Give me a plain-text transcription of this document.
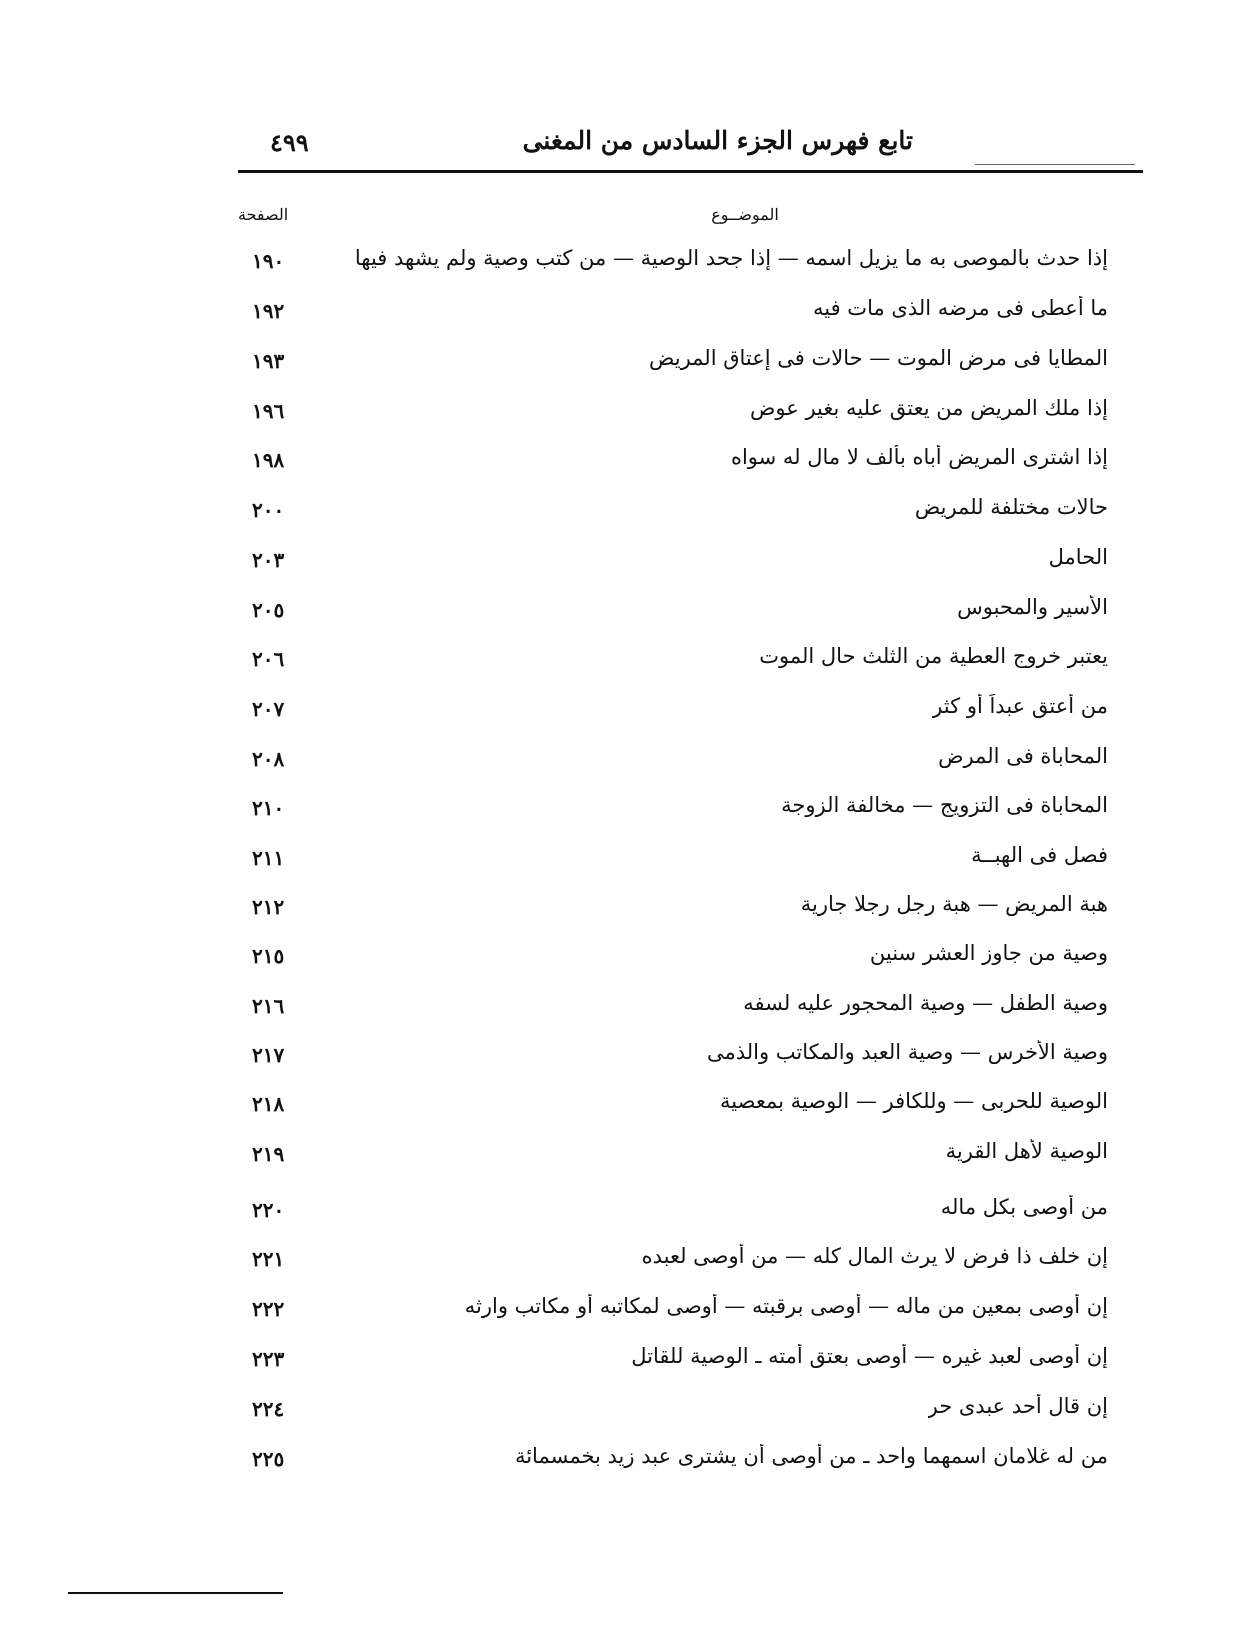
تابع فهرس الجزء السادس من المغنى
٤٩٩
الموضــوع
الصفحة
إذا حدث بالموصى به ما يزيل اسمه — إذا جحد الوصية — من كتب وصية ولم يشهد فيها
١٩٠
ما أعطى فى مرضه الذى مات فيه
١٩٢
المطايا فى مرض الموت — حالات فى إعتاق المريض
١٩٣
إذا ملك المريض من يعتق عليه بغير عوض
١٩٦
إذا اشترى المريض أباه بألف لا مال له سواه
١٩٨
حالات مختلفة للمريض
٢٠٠
الحامل
٢٠٣
الأسير والمحبوس
٢٠٥
يعتبر خروج العطية من الثلث حال الموت
٢٠٦
من أعتق عبداً أو كثر
٢٠٧
المحاباة فى المرض
٢٠٨
المحاباة فى التزويج — مخالفة الزوجة
٢١٠
فصل فى الهبــة
٢١١
هبة المريض — هبة رجل رجلا جارية
٢١٢
وصية من جاوز العشر سنين
٢١٥
وصية الطفل — وصية المحجور عليه لسفه
٢١٦
وصية الأخرس — وصية العبد والمكاتب والذمى
٢١٧
الوصية للحربى — وللكافر — الوصية بمعصية
٢١٨
الوصية لأهل القرية
٢١٩
من أوصى بكل ماله
٢٢٠
إن خلف ذا فرض لا يرث المال كله — من أوصى لعبده
٢٢١
إن أوصى بمعين من ماله — أوصى برقبته — أوصى لمكاتبه أو مكاتب وارثه
٢٢٢
إن أوصى لعبد غيره — أوصى بعتق أمته ـ الوصية للقاتل
٢٢٣
إن قال أحد عبدى حر
٢٢٤
من له غلامان اسمهما واحد ـ من أوصى أن يشترى عبد زيد بخمسمائة
٢٢٥
